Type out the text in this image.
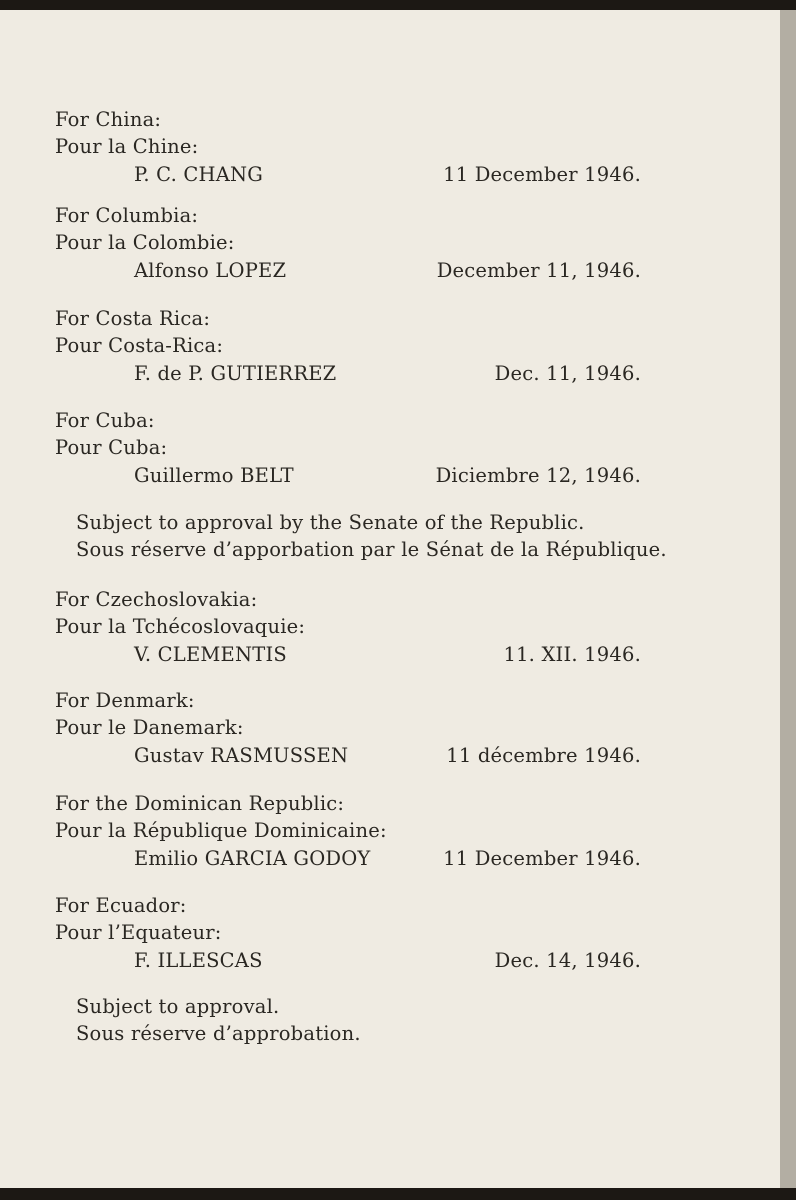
For China:
Pour la Chine:
P. C. CHANG	11 December 1946.
For Columbia:
Pour la Colombie:
Alfonso LOPEZ	December 11, 1946.
For Costa Rica:
Pour Costa-Rica:
F. de P. GUTIERREZ	Dec. 11, 1946.
For Cuba:
Pour Cuba:
Guillermo BELT	Diciembre 12, 1946.
Subject to approval by the Senate of the Republic.
Sous réserve d’apporbation par le Sénat de la République.
For Czechoslovakia:
Pour la Tchécoslovaquie:
V. CLEMENTIS	11. XII. 1946.
For Denmark:
Pour le Danemark:
Gustav RASMUSSEN	11 décembre 1946.
For the Dominican Republic:
Pour la République Dominicaine:
Emilio GARCIA GODOY	11 December 1946.
For Ecuador:
Pour l’Equateur:
F. ILLESCAS	Dec. 14, 1946.
Subject to approval.
Sous réserve d’approbation.
